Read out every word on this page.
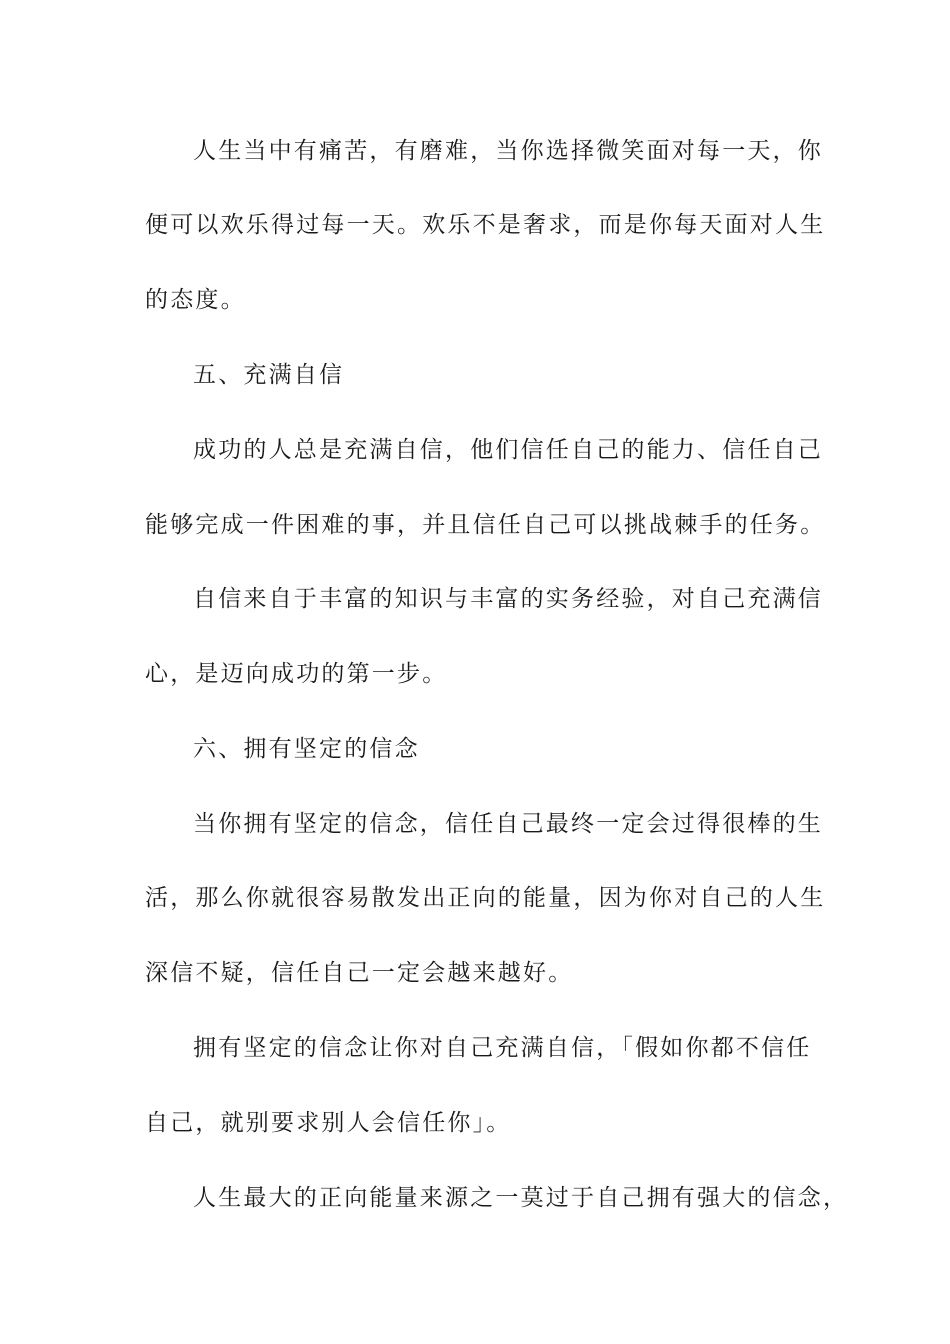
人生当中有痛苦，有磨难，当你选择微笑面对每一天，你
便可以欢乐得过每一天。欢乐不是奢求，而是你每天面对人生
的态度。
五、充满自信
成功的人总是充满自信，他们信任自己的能力、信任自己
能够完成一件困难的事，并且信任自己可以挑战棘手的任务。
自信来自于丰富的知识与丰富的实务经验，对自己充满信
心，是迈向成功的第一步。
六、拥有坚定的信念
当你拥有坚定的信念，信任自己最终一定会过得很棒的生
活，那么你就很容易散发出正向的能量，因为你对自己的人生
深信不疑，信任自己一定会越来越好。
拥有坚定的信念让你对自己充满自信，「假如你都不信任
自己，就别要求别人会信任你」。
人生最大的正向能量来源之一莫过于自己拥有强大的信念，
